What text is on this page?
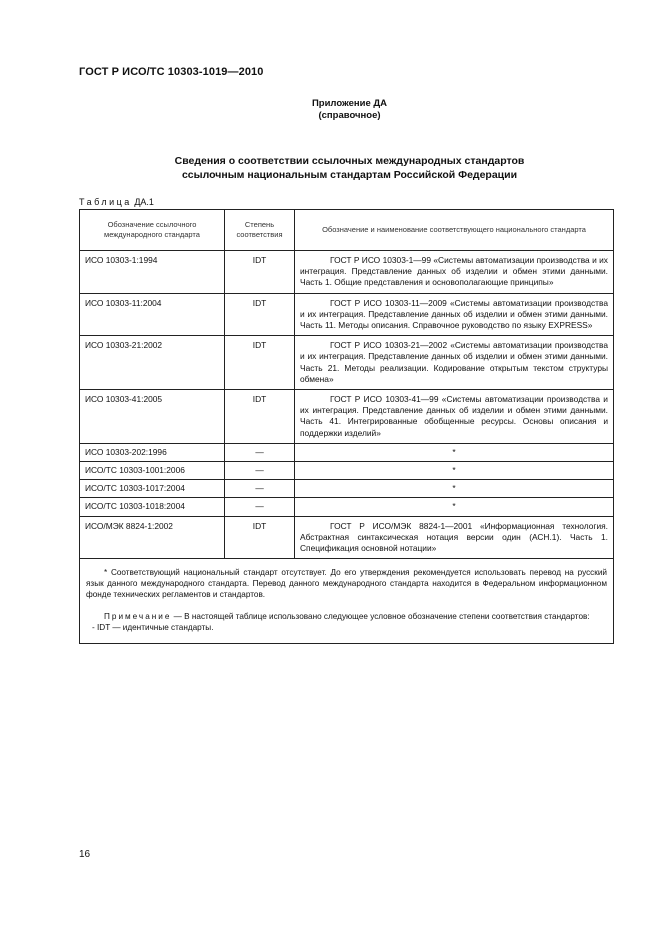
ГОСТ Р ИСО/ТС 10303-1019—2010
Приложение ДА
(справочное)
Сведения о соответствии ссылочных международных стандартов
ссылочным национальным стандартам Российской Федерации
Таблица ДА.1
Обозначение ссылочного международного стандарта	Степень соответствия	Обозначение и наименование соответствующего национального стандарта
ИСО 10303-1:1994	IDT	ГОСТ Р ИСО 10303-1—99 «Системы автоматизации производства и их интеграция. Представление данных об изделии и обмен этими данными. Часть 1. Общие представления и основополагающие принципы»
ИСО 10303-11:2004	IDT	ГОСТ Р ИСО 10303-11—2009 «Системы автоматизации производства и их интеграция. Представление данных об изделии и обмен этими данными. Часть 11. Методы описания. Справочное руководство по языку EXPRESS»
ИСО 10303-21:2002	IDT	ГОСТ Р ИСО 10303-21—2002 «Системы автоматизации производства и их интеграция. Представление данных об изделии и обмен этими данными. Часть 21. Методы реализации. Кодирование открытым текстом структуры обмена»
ИСО 10303-41:2005	IDT	ГОСТ Р ИСО 10303-41—99 «Системы автоматизации производства и их интеграция. Представление данных об изделии и обмен этими данными. Часть 41. Интегрированные обобщенные ресурсы. Основы описания и поддержки изделий»
ИСО 10303-202:1996	—	*
ИСО/ТС 10303-1001:2006	—	*
ИСО/ТС 10303-1017:2004	—	*
ИСО/ТС 10303-1018:2004	—	*
ИСО/МЭК 8824-1:2002	IDT	ГОСТ Р ИСО/МЭК 8824-1—2001 «Информационная технология. Абстрактная синтаксическая нотация версии один (АСН.1). Часть 1. Спецификация основной нотации»

* Соответствующий национальный стандарт отсутствует. До его утверждения рекомендуется использовать перевод на русский язык данного международного стандарта. Перевод данного международного стандарта находится в Федеральном информационном фонде технических регламентов и стандартов.

Примечание — В настоящей таблице использовано следующее условное обозначение степени соответствия стандартов:

- IDT — идентичные стандарты.		

16
